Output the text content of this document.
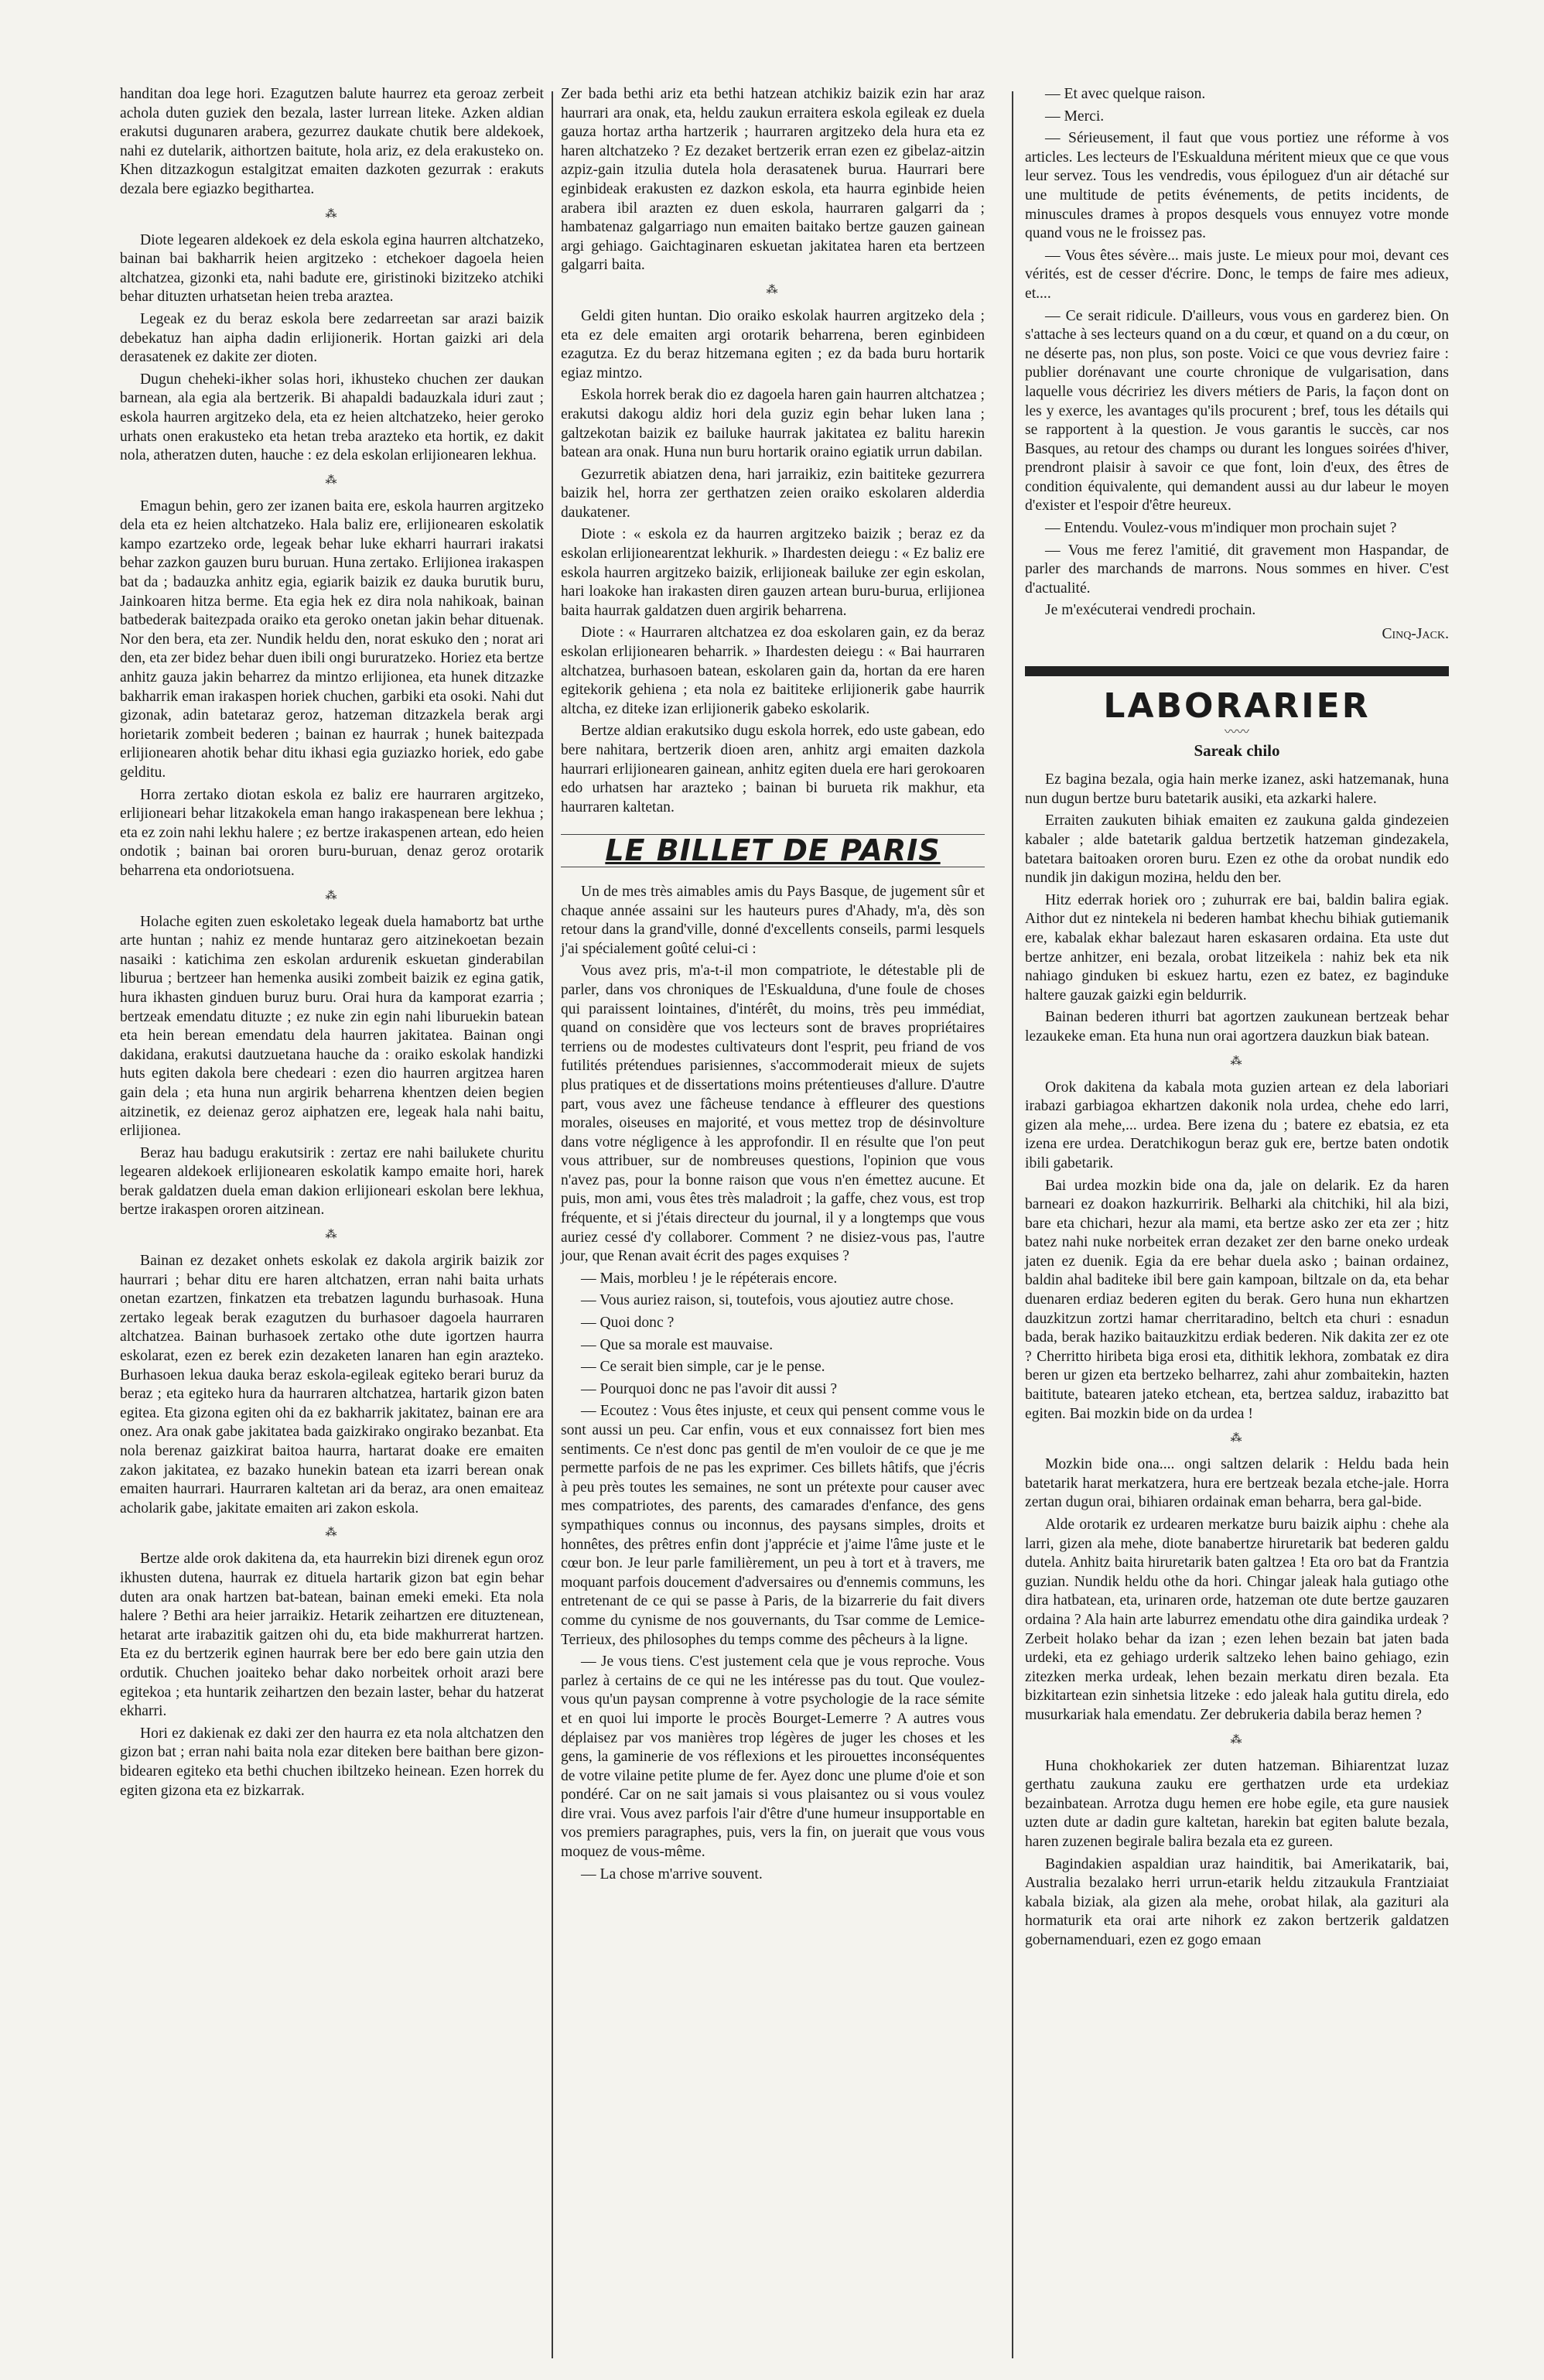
handitan doa lege hori. Ezagutzen balute haurrez eta geroaz zerbeit achola duten guziek den bezala, laster lurrean liteke. Azken aldian erakutsi dugunaren arabera, gezurrez daukate chutik bere aldekoek, nahi ez dutelarik, aithortzen baitute, hola ariz, ez dela erakusteko on. Khen ditzazkogun estalgitzat emaiten dazkoten gezurrak : erakuts dezala bere egiazko begitharteа.

⁂

Diote legearen aldekoek ez dela eskola egina haurren altchatzeko, bainan bai bakharrik heien argitzeko : etchekoer dagoela heien altchatzea, gizonki eta, nahi badute ere, giristinoki bizitzeko atchiki behar dituzten urhatsetan heien treba araztea.

Legeak ez du beraz eskola bere zedarreetan sar arazi baizik debekatuz han aipha dadin erlijionerik. Hortan gaizki ari dela derasatenek ez dakite zer dioten.

Dugun cheheki-ikher solas hori, ikhusteko chuchen zer daukan barnean, ala egia ala bertzerik. Bi ahapaldi badauzkala iduri zaut ; eskola haurren argitzeko dela, eta ez heien altchatzeko, heier geroko urhats onen erakusteko eta hetan treba arazteko eta hortik, ez dakit nola, atheratzen duten, hauche : ez dela eskolan erlijionearen lekhua.

⁂

Emagun behin, gero zer izanen baita ere, eskola haurren argitzeko dela eta ez heien altchatzeko. Hala baliz ere, erlijionearen eskolatik kampo ezartzeko orde, legeak behar luke ekharri haurrari irakatsi behar zazkon gauzen buru buruan. Huna zertako. Erlijionea irakaspen bat da ; badauzka anhitz egia, egiarik baizik ez dauka burutik buru, Jainkoaren hitza berme. Eta egia hek ez dira nola nahikoak, bainan batbederak baitezpada oraiko eta geroko onetan jakin behar dituenak. Nor den bera, eta zer. Nundik heldu den, norat eskuko den ; norat ari den, eta zer bidez behar duen ibili ongi bururatzeko. Horiez eta bertze anhitz gauza jakin beharrez da mintzo erlijionea, eta hunek ditzazke bakharrik eman irakaspen horiek chuchen, garbiki eta osoki. Nahi dut gizonak, adin batetaraz geroz, hatzeman ditzazkela berak argi horietarik zombeit bederen ; bainan ez haurrak ; hunek baitezpada erlijionearen ahotik behar ditu ikhasi egia guziazko horiek, edo gabe gelditu.

Horra zertako diotan eskola ez baliz ere haurraren argitzeko, erlijioneari behar litzakokela eman hango irakaspenean bere lekhua ; eta ez zoin nahi lekhu halere ; ez bertze irakaspenen artean, edo heien ondotik ; bainan bai ororen buru-buruan, denaz geroz orotarik beharrena eta ondoriotsuena.

⁂

Holache egiten zuen eskoletako legeak duela hamabortz bat urthe arte huntan ; nahiz ez mende huntaraz gero aitzinekoetan bezain nasaiki : katichima zen eskolan ardurenik eskuetan ginderabilan liburua ; bertzeer han hemenka ausiki zombeit baizik ez egina gatik, hura ikhasten ginduen buruz buru. Orai hura da kamporat ezarria ; bertzeak emendatu dituzte ; ez nuke zin egin nahi liburuekin batean eta hein berean emendatu dela haurren jakitatea. Bainan ongi dakidana, erakutsi dautzuetana hauche da : oraiko eskolak handizki huts egiten dakola bere chedeari : ezen dio haurren argitzea haren gain dela ; eta huna nun argirik beharrena khentzen deien begien aitzinetik, ez deienaz geroz aiphatzen ere, legeak hala nahi baitu, erlijionea.

Beraz hau badugu erakutsirik : zertaz ere nahi bailukete churitu legearen aldekoek erlijionearen eskolatik kampo emaite hori, harek berak galdatzen duela eman dakion erlijioneari eskolan bere lekhua, bertze irakaspen ororen aitzinean.

⁂

Bainan ez dezaket onhets eskolak ez dakola argirik baizik zor haurrari ; behar ditu ere haren altchatzen, erran nahi baita urhats onetan ezartzen, finkatzen eta trebatzen lagundu burhasoak. Huna zertako legeak berak ezagutzen du burhasoer dagoela haurraren altchatzea. Bainan burhasoek zertako othe dute igortzen haurra eskolarat, ezen ez berek ezin dezaketen lanaren han egin arazteko. Burhasoen lekua dauka beraz eskola-egileak egiteko berari buruz da beraz ; eta egiteko hura da haurraren altchatzea, hartarik gizon baten egitea. Eta gizona egiten ohi da ez bakharrik jakitatez, bainan ere ara onez. Ara onak gabe jakitatea bada gaizkirako ongirako bezanbat. Eta nola berenaz gaizkirat baitoa haurra, hartarat doake ere emaiten zakon jakitatea, ez bazako hunekin batean eta izarri berean onak emaiten haurrari. Haurraren kaltetan ari da beraz, ara onen emaiteaz acholarik gabe, jakitate emaiten ari zakon eskola.

⁂

Bertze alde orok dakitena da, eta haurrekin bizi direnek egun oroz ikhusten dutena, haurrak ez dituela hartarik gizon bat egin behar duten ara onak hartzen bat-batean, bainan emeki emeki. Eta nola halere ? Bethi ara heier jarraikiz. Hetarik zeihartzen ere dituztenean, hetarat arte irabazitik gaitzen ohi du, eta bide makhurrerat hartzen. Eta ez du bertzerik eginen haurrak bere ber edo bere gain utzia den ordutik. Chuchen joaiteko behar dako norbeitek orhoit arazi bere egitekoa ; eta huntarik zeihartzen den bezain laster, behar du hatzerat ekharri.

Hori ez dakienak ez daki zer den haurra ez eta nola altchatzen den gizon bat ; erran nahi baita nola ezar diteken bere baithan bere gizon-bidearen egiteko eta bethi chuchen ibiltzeko heinean. Ezen horrek du egiten gizona eta ez bizkarrak.

Zer bada bethi ariz eta bethi hatzean atchikiz baizik ezin har araz haurrari ara onak, eta, heldu zaukun erraitera eskola egileak ez duela gauza hortaz artha hartzerik ; haurraren argitzeko dela hura eta ez haren altchatzeko ? Ez dezaket bertzerik erran ezen ez gibelaz-aitzin azpiz-gain itzulia dutela hola derasatenek burua. Haurrari bere eginbideak erakusten ez dazkon eskola, eta haurra eginbide heien arabera ibil arazten ez duen eskola, haurraren galgarri da ; hambatenaz galgarriago nun emaiten baitako bertze gauzen gainean argi gehiago. Gaichtaginaren eskuetan jakitatea haren eta bertzeen galgarri baita.

⁂

Geldi giten huntan. Dio oraiko eskolak haurren argitzeko dela ; eta ez dele emaiten argi orotarik beharrena, beren eginbideen ezagutza. Ez du beraz hitzemana egiten ; ez da bada buru hortarik egiaz mintzo.

Eskola horrek berak dio ez dagoela haren gain haurren altchatzea ; erakutsi dakogu aldiz hori dela guziz egin behar luken lana ; galtzekotan baizik ez bailuke haurrak jakitatea ez balitu hareкin batean ara onak. Huna nun buru hortarik oraino egiatik urrun dabilan.

Gezurretik abiatzen dena, hari jarraikiz, ezin baititeke gezurrera baizik hel, horra zer gerthatzen zeien oraiko eskolaren alderdia daukatener.

Diote : « eskola ez da haurren argitzeko baizik ; beraz ez da eskolan erlijionearentzat lekhurik. » Ihardesten deiegu : « Ez baliz ere eskola haurren argitzeko baizik, erlijioneak bailuke zer egin eskolan, hari loakoke han irakasten diren gauzen artean buru-burua, erlijionea baita haurrak galdatzen duen argirik beharrena.

Diote : « Haurraren altchatzea ez doa eskolaren gain, ez da beraz eskolan erlijionearen beharrik. » Ihardesten deiegu : « Bai haurraren altchatzea, burhasoen batean, eskolaren gain da, hortan da ere haren egitekorik gehiena ; eta nola ez baititeke erlijionerik gabe haurrik altcha, ez diteke izan erlijionerik gabeko eskolarik.

Bertze aldian erakutsiko dugu eskola horrek, edo uste gabean, edo bere nahitara, bertzerik dioen aren, anhitz argi emaiten dazkola haurrari erlijionearen gainean, anhitz egiten duela ere hari gerokoaren edo urhatsen har arazteko ; bainan bi burueta rik makhur, eta haurraren kaltetan.

LE BILLET DE PARIS

Un de mes très aimables amis du Pays Basque, de jugement sûr et chaque année assaini sur les hauteurs pures d'Ahady, m'a, dès son retour dans la grand'ville, donné d'excellents conseils, parmi lesquels j'ai spécialement goûté celui-ci :

Vous avez pris, m'a-t-il mon compatriote, le détestable pli de parler, dans vos chroniques de l'Eskualduna, d'une foule de choses qui paraissent lointaines, d'intérêt, du moins, très peu immédiat, quand on considère que vos lecteurs sont de braves propriétaires terriens ou de modestes cultivateurs dont l'esprit, peu friand de vos futilités prétendues parisiennes, s'accommoderait mieux de sujets plus pratiques et de dissertations moins prétentieuses d'allure. D'autre part, vous avez une fâcheuse tendance à effleurer des questions morales, oiseuses en majorité, et vous mettez trop de désinvolture dans votre négligence à les approfondir. Il en résulte que l'on peut vous attribuer, sur de nombreuses questions, l'opinion que vous n'avez pas, pour la bonne raison que vous n'en émettez aucune. Et puis, mon ami, vous êtes très maladroit ; la gaffe, chez vous, est trop fréquente, et si j'étais directeur du journal, il y a longtemps que vous auriez cessé d'y collaborer. Comment ? ne disiez-vous pas, l'autre jour, que Renan avait écrit des pages exquises ?

— Mais, morbleu ! je le répéterais encore.

— Vous auriez raison, si, toutefois, vous ajoutiez autre chose.

— Quoi donc ?

— Que sa morale est mauvaise.

— Ce serait bien simple, car je le pense.

— Pourquoi donc ne pas l'avoir dit aussi ?

— Ecoutez : Vous êtes injuste, et ceux qui pensent comme vous le sont aussi un peu. Car enfin, vous et eux connaissez fort bien mes sentiments. Ce n'est donc pas gentil de m'en vouloir de ce que je me permette parfois de ne pas les exprimer. Ces billets hâtifs, que j'écris à peu près toutes les semaines, ne sont un prétexte pour causer avec mes compatriotes, des parents, des camarades d'enfance, des gens sympathiques connus ou inconnus, des paysans simples, droits et honnêtes, des prêtres enfin dont j'apprécie et j'aime l'âme juste et le cœur bon. Je leur parle familièrement, un peu à tort et à travers, me moquant parfois doucement d'adversaires ou d'ennemis communs, les entretenant de ce qui se passe à Paris, de la bizarrerie du fait divers comme du cynisme de nos gouvernants, du Tsar comme de Lemice-Terrieux, des philosophes du temps comme des pêcheurs à la ligne.

— Je vous tiens. C'est justement cela que je vous reproche. Vous parlez à certains de ce qui ne les intéresse pas du tout. Que voulez-vous qu'un paysan comprenne à votre psychologie de la race sémite et en quoi lui importe le procès Bourget-Lemerre ? A autres vous déplaisez par vos manières trop légères de juger les choses et les gens, la gaminerie de vos réflexions et les pirouettes inconséquentes de votre vilaine petite plume de fer. Ayez donc une plume d'oie et son pondéré. Car on ne sait jamais si vous plaisantez ou si vous voulez dire vrai. Vous avez parfois l'air d'être d'une humeur insupportable en vos premiers paragraphes, puis, vers la fin, on juerait que vous vous moquez de vous-même.

— La chose m'arrive souvent.

— Et avec quelque raison.

— Merci.

— Sérieusement, il faut que vous portiez une réforme à vos articles. Les lecteurs de l'Eskualduna méritent mieux que ce que vous leur servez. Tous les vendredis, vous épiloguez d'un air détaché sur une multitude de petits événements, de petits incidents, de minuscules drames à propos desquels vous ennuyez votre monde quand vous ne le froissez pas.

— Vous êtes sévère... mais juste. Le mieux pour moi, devant ces vérités, est de cesser d'écrire. Donc, le temps de faire mes adieux, et....

— Ce serait ridicule. D'ailleurs, vous vous en garderez bien. On s'attache à ses lecteurs quand on a du cœur, et quand on a du cœur, on ne déserte pas, non plus, son poste. Voici ce que vous devriez faire : publier dorénavant une courte chronique de vulgarisation, dans laquelle vous décririez les divers métiers de Paris, la façon dont on les y exerce, les avantages qu'ils procurent ; bref, tous les détails qui se rapportent à la question. Je vous garantis le succès, car nos Basques, au retour des champs ou durant les longues soirées d'hiver, prendront plaisir à savoir ce que font, loin d'eux, des êtres de condition équivalente, qui demandent aussi au dur labeur le moyen d'exister et l'espoir d'être heureux.

— Entendu. Voulez-vous m'indiquer mon prochain sujet ?

— Vous me ferez l'amitié, dit gravement mon Haspandar, de parler des marchands de marrons. Nous sommes en hiver. C'est d'actualité.

Je m'exécuterai vendredi prochain.

Cinq-Jack.
LABORARIER
〰〰
Sareak chilo

Ez bagina bezala, ogia hain merke izanez, aski hatzemanak, huna nun dugun bertze buru batetarik ausiki, eta azkarki halere.

Erraiten zaukuten bihiak emaiten ez zaukuna galda gindezeien kabaler ; alde batetarik galdua bertzetik hatzeman gindezakela, batetara baitoaken ororen buru. Ezen ez othe da orobat nundik edo nundik jin dakigun moziна, heldu den ber.

Hitz ederrak horiek oro ; zuhurrak ere bai, baldin balira egiak. Aithor dut ez nintekela ni bederen hambat khechu bihiak gutiemanik ere, kabalak ekhar balezaut haren eskasaren ordaina. Eta uste dut bertze anhitzer, eni bezala, orobat litzeikela : nahiz bek eta nik nahiago ginduken bi eskuez hartu, ezen ez batez, ez baginduke haltere gauzak gaizki egin beldurrik.

Bainan bederen ithurri bat agortzen zaukunean bertzeak behar lezaukeke eman. Eta huna nun orai agortzera dauzkun biak batean.

⁂

Orok dakitena da kabala mota guzien artean ez dela laboriari irabazi garbiagoa ekhartzen dakonik nola urdea, chehe edo larri, gizen ala mehe,... urdea. Bere izena du ; batere ez ebatsia, ez eta izena ere urdea. Deratchikogun beraz guk ere, bertze baten ondotik ibili gabetarik.

Bai urdea mozkin bide ona da, jale on delarik. Ez da haren barneari ez doakon hazkurririk. Belharki ala chitchiki, hil ala bizi, bare eta chichari, hezur ala mami, eta bertze asko zer eta zer ; hitz batez nahi nuke norbeitek erran dezaket zer den barne onekо urdeak jaten ez duenik. Egia da ere behar duela asko ; bainan ordainez, baldin ahal baditeke ibil bere gain kampoan, biltzale on da, eta behar duenaren erdiaz bederen egiten du berak. Gero huna nun ekhartzen dauzkitzun zortzi hamar cherritaradino, beltch eta churi : esnadun bada, berak hazikо baitauzkitzu erdiak bederen. Nik dakita zer ez ote ? Cherritto hiribeta biga erosi eta, dithitik lekhora, zombatak ez dira beren ur gizen eta bertzeko belharrez, zahi ahur zombaitekin, hazten baititute, batearen jateko etchean, eta, bertzea salduz, irabazitto bat egiten. Bai mozkin bide on da urdea !

⁂

Mozkin bide ona.... ongi saltzen delarik : Heldu bada hein batetarik harat merkatzera, hura ere bertzeak bezala etche-jale. Horra zertan dugun orai, bihiaren ordainak eman beharra, bera gal-bide.

Alde orotarik ez urdearen merkatze buru baizik aiphu : chehe ala larri, gizen ala mehe, diote banabertze hiruretarik bat bederen galdu dutela. Anhitz baita hiruretarik baten galtzea ! Eta oro bat da Frantzia guzian. Nundik heldu othe da hori. Chingar jalеak hala gutiago othe dira hatbatean, eta, urinaren orde, hatzeman ote dute bertze gauzaren ordaina ? Ala hain arte laburrez emendatu othe dira gaindika urdeak ? Zerbeit holako behar da izan ; ezen lehen bezain bat jaten bada urdeki, eta ez gehiago urderik saltzeko lehen baino gehiago, ezin zitezken merka urdeak, lehen bezain merkatu diren bezala. Eta bizkitartean ezin sinhetsia litzeke : edo jaleak hala gutitu direla, edo musurkariak hala emendatu. Zer debrukeria dabila beraz hemen ?

⁂

Huna chokhokariek zer duten hatzeman. Bihiarentzat luzaz gerthatu zaukuna zauku ere gerthatzen urde eta urdekiaz bezainbatean. Arrotza dugu hemen ere hobe egile, eta gure nausiek uzten dute ar dadin gure kaltetan, harekin bat egiten balute bezala, haren zuzenen begirale balira bezala eta ez gureen.

Bagindakien aspaldian uraz hainditik, bai Amerikаtarik, bai, Australia bezalako herri urrun-etarik heldu zitzaukula Frantziaiat kabala biziak, ala gizen ala mehe, orobat hilak, ala gazituri ala hormaturik eta orai arte nihork ez zakon bertzerik galdatzen gobernamenduari, ezen ez gogo emaan
